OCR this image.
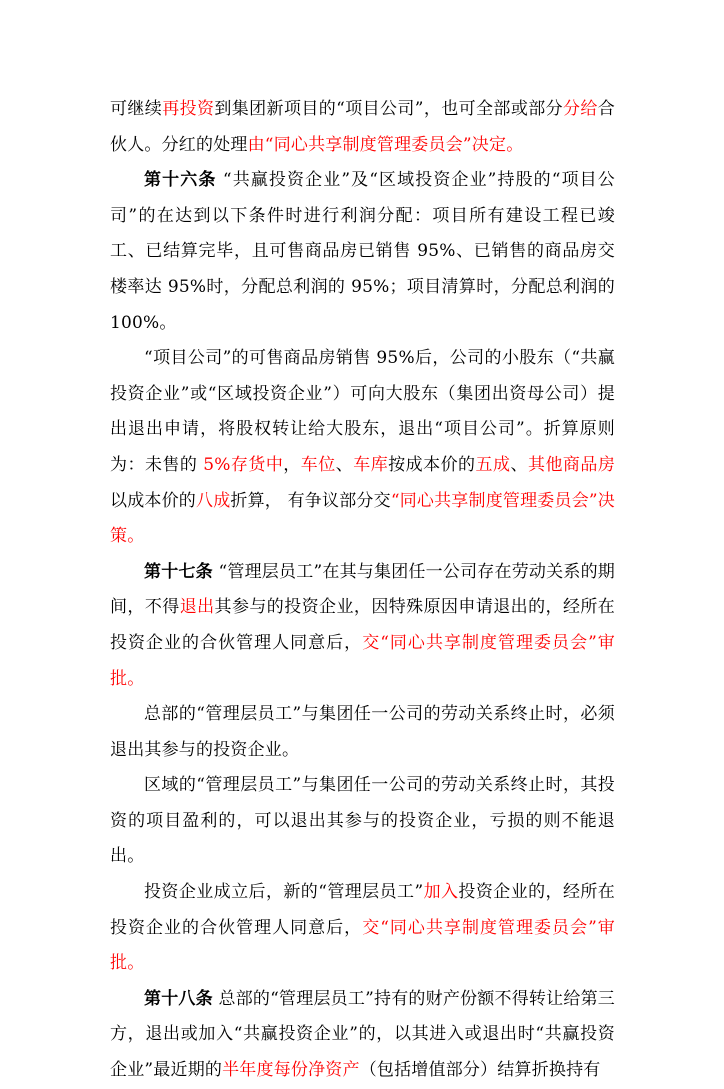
可继续再投资到集团新项目的“项目公司”，也可全部或部分分给合伙人。分红的处理由“同心共享制度管理委员会”决定。

第十六条 “共赢投资企业”及“区域投资企业”持股的“项目公司”的在达到以下条件时进行利润分配：项目所有建设工程已竣工、已结算完毕，且可售商品房已销售 95%、已销售的商品房交楼率达 95%时，分配总利润的 95%；项目清算时，分配总利润的 100%。

“项目公司”的可售商品房销售 95%后，公司的小股东（“共赢投资企业”或“区域投资企业”）可向大股东（集团出资母公司）提出退出申请，将股权转让给大股东，退出“项目公司”。折算原则为：未售的 5%存货中，车位、车库按成本价的五成、其他商品房以成本价的八成折算， 有争议部分交“同心共享制度管理委员会”决策。

第十七条 “管理层员工”在其与集团任一公司存在劳动关系的期间，不得退出其参与的投资企业，因特殊原因申请退出的，经所在投资企业的合伙管理人同意后，交“同心共享制度管理委员会”审批。

总部的“管理层员工”与集团任一公司的劳动关系终止时，必须退出其参与的投资企业。

区域的“管理层员工”与集团任一公司的劳动关系终止时，其投资的项目盈利的，可以退出其参与的投资企业，亏损的则不能退出。

投资企业成立后，新的“管理层员工”加入投资企业的，经所在投资企业的合伙管理人同意后，交“同心共享制度管理委员会”审批。

第十八条 总部的“管理层员工”持有的财产份额不得转让给第三方，退出或加入“共赢投资企业”的，以其进入或退出时“共赢投资企业”最近期的半年度每份净资产（包括增值部分）结算折换持有
